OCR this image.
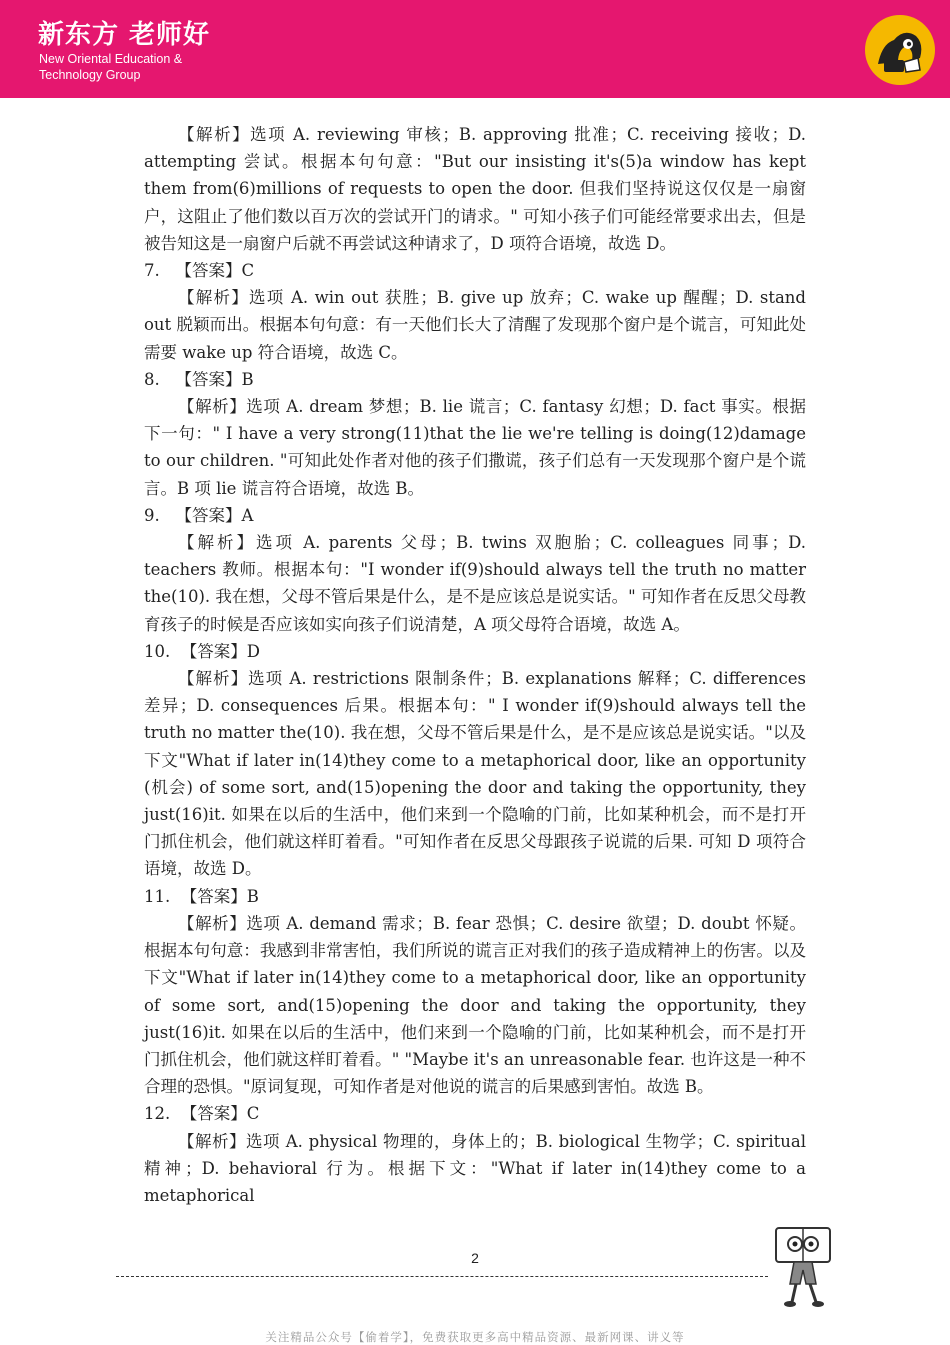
新东方 老师好
New Oriental Education &
Technology Group

【解析】选项 A. reviewing 审核；B. approving 批准；C. receiving 接收；D. attempting 尝试。根据本句句意："But our insisting it's(5)a window has kept them from(6)millions of requests to open the door. 但我们坚持说这仅仅是一扇窗户，这阻止了他们数以百万次的尝试开门的请求。" 可知小孩子们可能经常要求出去，但是被告知这是一扇窗户后就不再尝试这种请求了，D 项符合语境，故选 D。

7.   【答案】C

【解析】选项 A. win out 获胜；B. give up 放弃；C. wake up 醒醒；D. stand out 脱颖而出。根据本句句意：有一天他们长大了清醒了发现那个窗户是个谎言，可知此处需要 wake up 符合语境，故选 C。

8.   【答案】B

【解析】选项 A. dream 梦想；B. lie 谎言；C. fantasy 幻想；D. fact 事实。根据下一句：" I have a very strong(11)that the lie we're telling is doing(12)damage to our children. "可知此处作者对他的孩子们撒谎，孩子们总有一天发现那个窗户是个谎言。B 项 lie 谎言符合语境，故选 B。

9.   【答案】A

【解析】选项 A. parents 父母；B. twins 双胞胎；C. colleagues 同事；D. teachers 教师。根据本句："I wonder if(9)should always tell the truth no matter the(10). 我在想，父母不管后果是什么，是不是应该总是说实话。" 可知作者在反思父母教育孩子的时候是否应该如实向孩子们说清楚，A 项父母符合语境，故选 A。

10.  【答案】D

【解析】选项 A. restrictions 限制条件；B. explanations 解释；C. differences 差异；D. consequences 后果。根据本句：" I wonder if(9)should always tell the truth no matter the(10). 我在想，父母不管后果是什么，是不是应该总是说实话。"以及下文"What if later in(14)they come to a metaphorical door, like an opportunity (机会) of some sort, and(15)opening the door and taking the opportunity, they just(16)it. 如果在以后的生活中，他们来到一个隐喻的门前，比如某种机会，而不是打开门抓住机会，他们就这样盯着看。"可知作者在反思父母跟孩子说谎的后果. 可知 D 项符合语境，故选 D。

11.  【答案】B

【解析】选项 A. demand 需求；B. fear 恐惧；C. desire 欲望；D. doubt 怀疑。根据本句句意：我感到非常害怕，我们所说的谎言正对我们的孩子造成精神上的伤害。以及下文"What if later in(14)they come to a metaphorical door, like an opportunity of some sort, and(15)opening the door and taking the opportunity, they just(16)it. 如果在以后的生活中，他们来到一个隐喻的门前，比如某种机会，而不是打开门抓住机会，他们就这样盯着看。" "Maybe it's an unreasonable fear. 也许这是一种不合理的恐惧。"原词复现，可知作者是对他说的谎言的后果感到害怕。故选 B。

12.  【答案】C

【解析】选项 A. physical 物理的，身体上的；B. biological 生物学；C. spiritual 精神；D. behavioral 行为。根据下文："What if later in(14)they come to a metaphorical

2
关注精品公众号【偷着学】，免费获取更多高中精品资源、最新网课、讲义等
